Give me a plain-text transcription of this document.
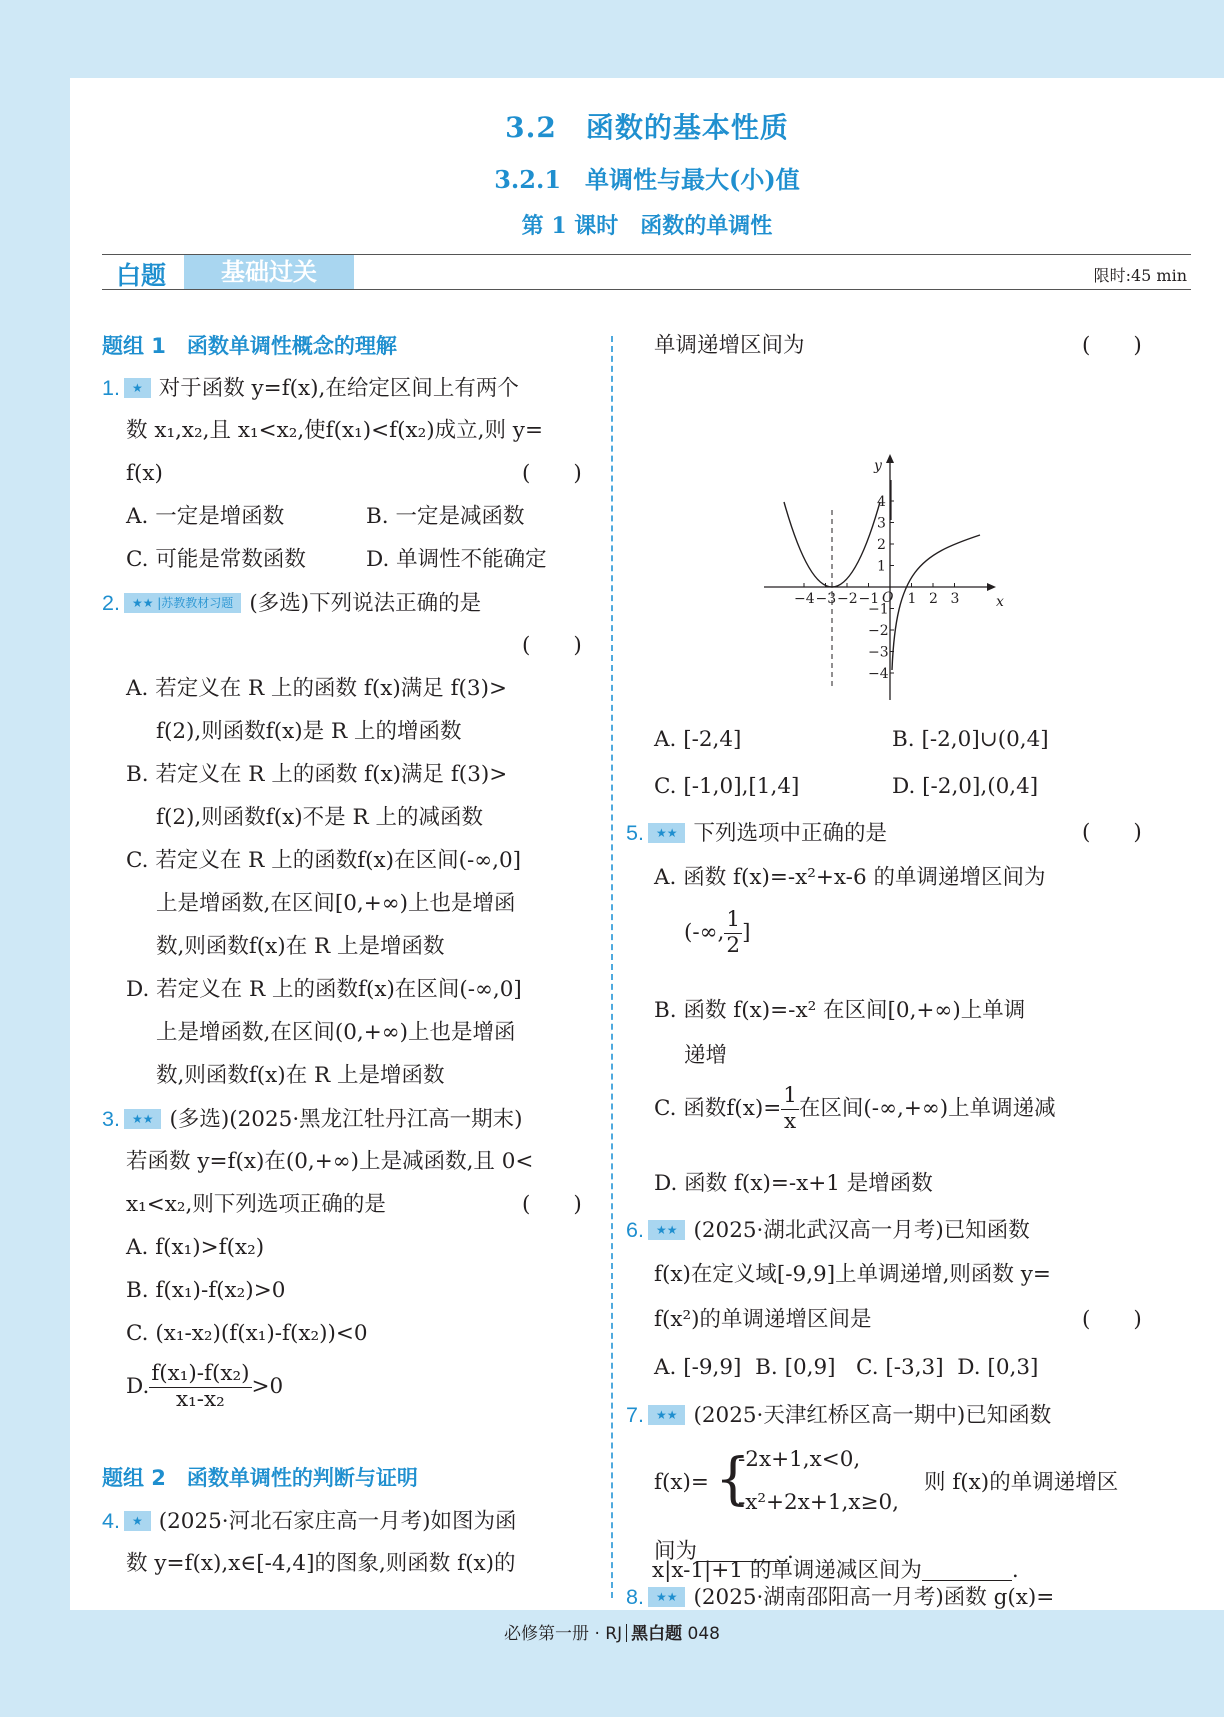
3.2　函数的基本性质
3.2.1　单调性与最大(小)值
第 1 课时　函数的单调性
白题	基础过关	限时:45 min
题组 1　函数单调性概念的理解
1. ★ 对于函数 y=f(x),在给定区间上有两个
数 x₁,x₂,且 x₁<x₂,使f(x₁)<f(x₂)成立,则 y=
f(x)	(　　)
A. 一定是增函数	B. 一定是减函数
C. 可能是常数函数	D. 单调性不能确定
2. ★★ |苏教教材习题 (多选)下列说法正确的是
(　　)
A. 若定义在 R 上的函数 f(x)满足 f(3)>
f(2),则函数f(x)是 R 上的增函数
B. 若定义在 R 上的函数 f(x)满足 f(3)>
f(2),则函数f(x)不是 R 上的减函数
C. 若定义在 R 上的函数f(x)在区间(-∞,0]
上是增函数,在区间[0,+∞)上也是增函
数,则函数f(x)在 R 上是增函数
D. 若定义在 R 上的函数f(x)在区间(-∞,0]
上是增函数,在区间(0,+∞)上也是增函
数,则函数f(x)在 R 上是增函数
3. ★★ (多选)(2025·黑龙江牡丹江高一期末)
若函数 y=f(x)在(0,+∞)上是减函数,且 0<
x₁<x₂,则下列选项正确的是	(　　)
A. f(x₁)>f(x₂)
B. f(x₁)-f(x₂)>0
C. (x₁-x₂)(f(x₁)-f(x₂))<0
D. $\frac{\text{f(x₁)-f(x₂)}}{\text{x₁-x₂}} >0$
题组 2　函数单调性的判断与证明
4. ★ (2025·河北石家庄高一月考)如图为函
数 y=f(x),x∈[-4,4]的图象,则函数 f(x)的
单调递增区间为	(　　)
x
y
O
−4 −3 −2 −1 1 2 3
4
3
2
1
−1
−2
−3
−4
A. [-2,4]	B. [-2,0]∪(0,4]
C. [-1,0],[1,4]	D. [-2,0],(0,4]
5. ★★ 下列选项中正确的是	(　　)
A. 函数 f(x)=-x²+x-6 的单调递增区间为
(-∞, $\frac{1}{2}$ ]
B. 函数 f(x)=-x² 在区间[0,+∞)上单调
递增
C. 函数$f(x)= \frac{1}{x}$ 在区间(-∞,+∞)上单调递减
D. 函数 f(x)=-x+1 是增函数
6. ★★ (2025·湖北武汉高一月考)已知函数
f(x)在定义域[-9,9]上单调递增,则函数 y=
f(x²)的单调递增区间是	(　　)
A. [-9,9]  B. [0,9]   C. [-3,3]  D. [0,3]
7. ★★ (2025·天津红桥区高一期中)已知函数
f(x)= {
-2x+1,x<0,
-x²+2x+1,x≥0,
则 f(x)的单调递增区
间为	.
8. ★★ (2025·湖南邵阳高一月考)函数 g(x)=
x|x-1|+1 的单调递减区间为	.
必修第一册 · RJ 黑白题 048
